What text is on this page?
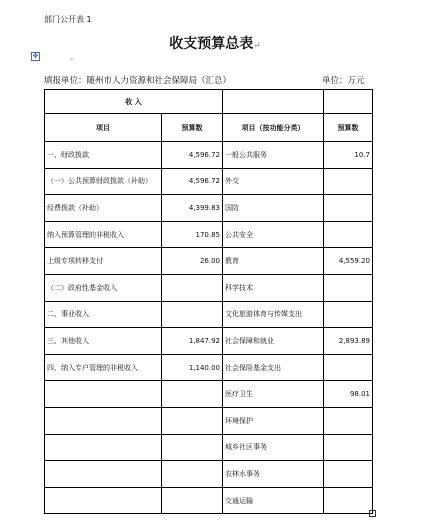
部门公开表 1
✥
收支预算总表↵
↵
填报单位：随州市人力资源和社会保障局（汇总）	单位：万元
收 入			
项目	预算数	项目（按功能分类）	预算数
一、财政拨款	4,596.72	一般公共服务	10.7
（一）公共预算财政拨款（补助）	4,596.72	外交	
经费拨款（补助）	4,399.83	国防	
纳入预算管理的非税收入	170.85	公共安全	
上级专项转移支付	26.00	教育	4,559.20
（二）政府性基金收入		科学技术	
二、事业收入		文化旅游体育与传媒支出	
三、其他收入	1,847.92	社会保障和就业	2,893.89
四、纳入专户管理的非税收入	1,140.00	社会保险基金支出	
		医疗卫生	98.01
		环境保护	
		城乡社区事务	
		农林水事务	
		交通运输	
